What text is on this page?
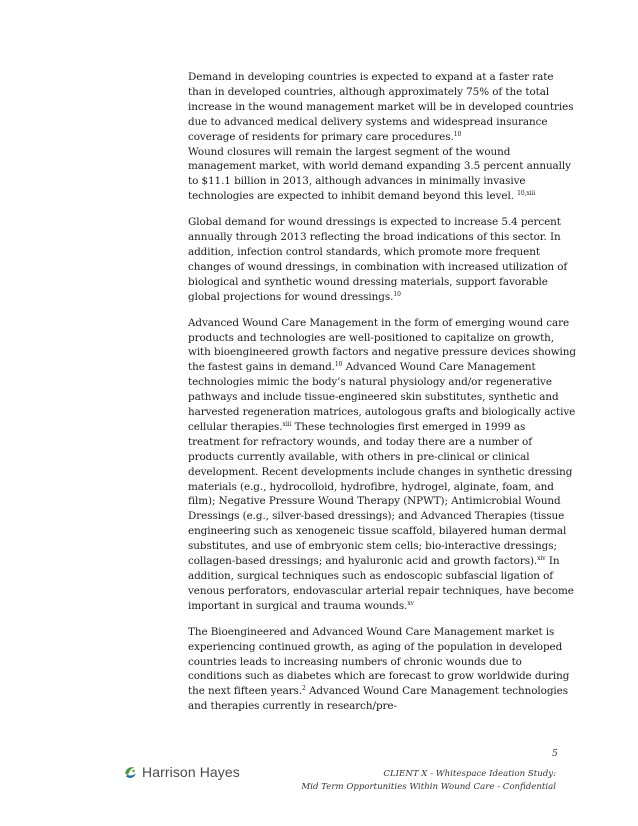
Demand in developing countries is expected to expand at a faster rate than in developed countries, although approximately 75% of the total increase in the wound management market will be in developed countries due to advanced medical delivery systems and widespread insurance coverage of residents for primary care procedures.$^{10}$

Wound closures will remain the largest segment of the wound management market, with world demand expanding 3.5 percent annually to $11.1 billion in 2013, although advances in minimally invasive technologies are expected to inhibit demand beyond this level. $^{10,xiii}$

Global demand for wound dressings is expected to increase 5.4 percent annually through 2013 reflecting the broad indications of this sector. In addition, infection control standards, which promote more frequent changes of wound dressings, in combination with increased utilization of biological and synthetic wound dressing materials, support favorable global projections for wound dressings.$^{10}$

Advanced Wound Care Management in the form of emerging wound care products and technologies are well-positioned to capitalize on growth, with bioengineered growth factors and negative pressure devices showing the fastest gains in demand.$^{10}$ Advanced Wound Care Management technologies mimic the body’s natural physiology and/or regenerative pathways and include tissue-engineered skin substitutes, synthetic and harvested regeneration matrices, autologous grafts and biologically active cellular therapies.$^{xiii}$ These technologies first emerged in 1999 as treatment for refractory wounds, and today there are a number of products currently available, with others in pre-clinical or clinical development. Recent developments include changes in synthetic dressing materials (e.g., hydrocolloid, hydrofibre, hydrogel, alginate, foam, and film); Negative Pressure Wound Therapy (NPWT); Antimicrobial Wound Dressings (e.g., silver-based dressings); and Advanced Therapies (tissue engineering such as xenogeneic tissue scaffold, bilayered human dermal substitutes, and use of embryonic stem cells; bio-interactive dressings; collagen-based dressings; and hyaluronic acid and growth factors).$^{xiv}$ In addition, surgical techniques such as endoscopic subfascial ligation of venous perforators, endovascular arterial repair techniques, have become important in surgical and trauma wounds.$^{xv}$

The Bioengineered and Advanced Wound Care Management market is experiencing continued growth, as aging of the population in developed countries leads to increasing numbers of chronic wounds due to conditions such as diabetes which are forecast to grow worldwide during the next fifteen years.$^2$ Advanced Wound Care Management technologies and therapies currently in research/pre-

5
Harrison Hayes	CLIENT X - Whitespace Ideation Study:
Mid Term Opportunities Within Wound Care - Confidential
